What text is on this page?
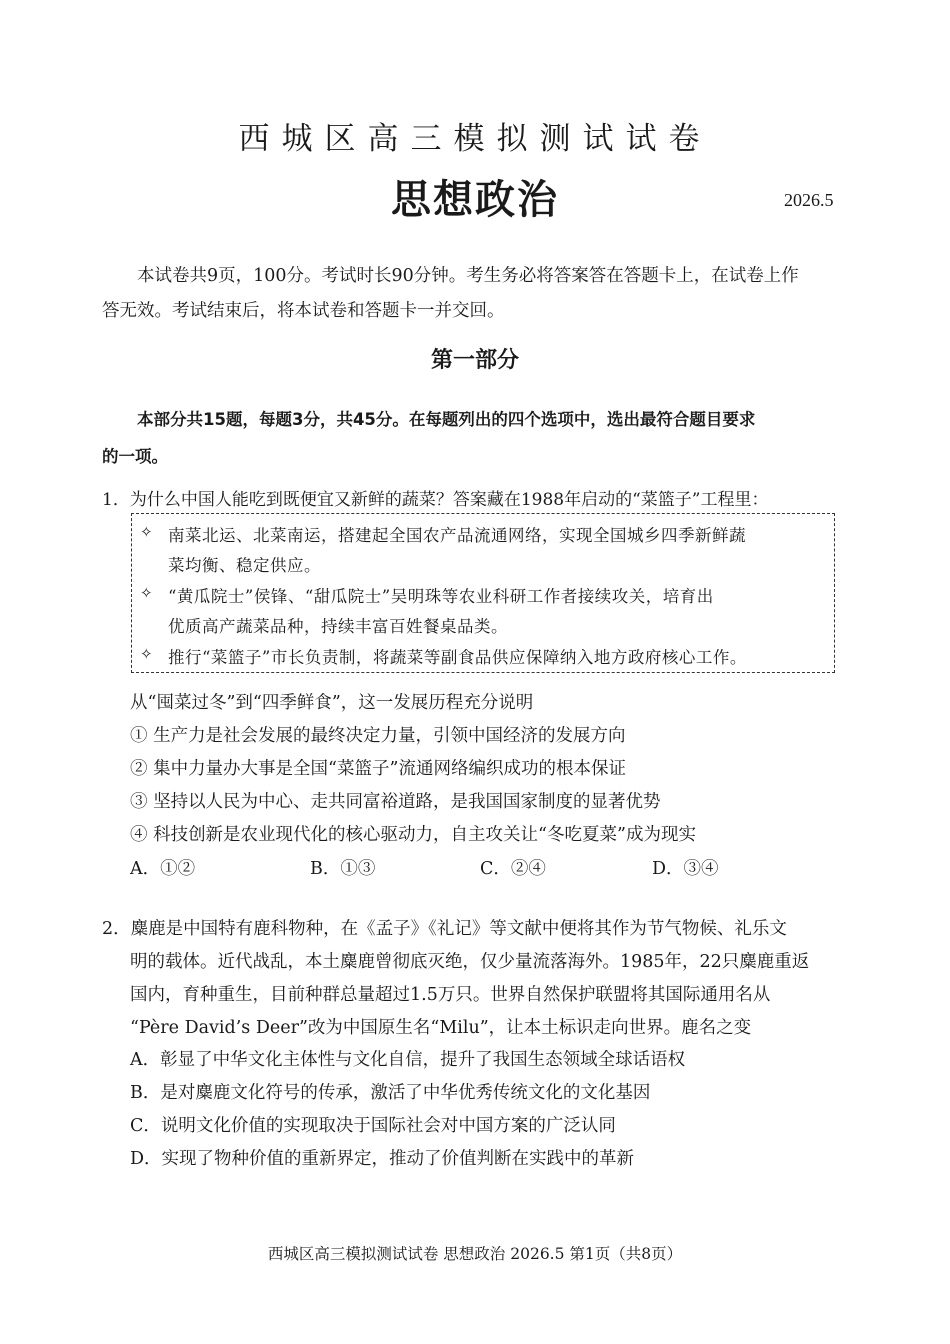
西城区高三模拟测试试卷
思想政治	2026.5
本试卷共9页，100分。考试时长90分钟。考生务必将答案答在答题卡上，在试卷上作
答无效。考试结束后，将本试卷和答题卡一并交回。
第一部分
本部分共15题，每题3分，共45分。在每题列出的四个选项中，选出最符合题目要求
的一项。
1．为什么中国人能吃到既便宜又新鲜的蔬菜？答案藏在1988年启动的“菜篮子”工程里：
✧ 南菜北运、北菜南运，搭建起全国农产品流通网络，实现全国城乡四季新鲜蔬
菜均衡、稳定供应。
✧ “黄瓜院士”侯锋、“甜瓜院士”吴明珠等农业科研工作者接续攻关，培育出
优质高产蔬菜品种，持续丰富百姓餐桌品类。
✧ 推行“菜篮子”市长负责制，将蔬菜等副食品供应保障纳入地方政府核心工作。
从“囤菜过冬”到“四季鲜食”，这一发展历程充分说明
① 生产力是社会发展的最终决定力量，引领中国经济的发展方向
② 集中力量办大事是全国“菜篮子”流通网络编织成功的根本保证
③ 坚持以人民为中心、走共同富裕道路，是我国国家制度的显著优势
④ 科技创新是农业现代化的核心驱动力，自主攻关让“冬吃夏菜”成为现实
A．①②	B．①③	C．②④	D．③④
2．麋鹿是中国特有鹿科物种，在《孟子》《礼记》等文献中便将其作为节气物候、礼乐文
明的载体。近代战乱，本土麋鹿曾彻底灭绝，仅少量流落海外。1985年，22只麋鹿重返
国内，育种重生，目前种群总量超过1.5万只。世界自然保护联盟将其国际通用名从
“Père David’s Deer”改为中国原生名“Milu”，让本土标识走向世界。鹿名之变
A．彰显了中华文化主体性与文化自信，提升了我国生态领域全球话语权
B．是对麋鹿文化符号的传承，激活了中华优秀传统文化的文化基因
C．说明文化价值的实现取决于国际社会对中国方案的广泛认同
D．实现了物种价值的重新界定，推动了价值判断在实践中的革新
西城区高三模拟测试试卷 思想政治 2026.5 第1页（共8页）
